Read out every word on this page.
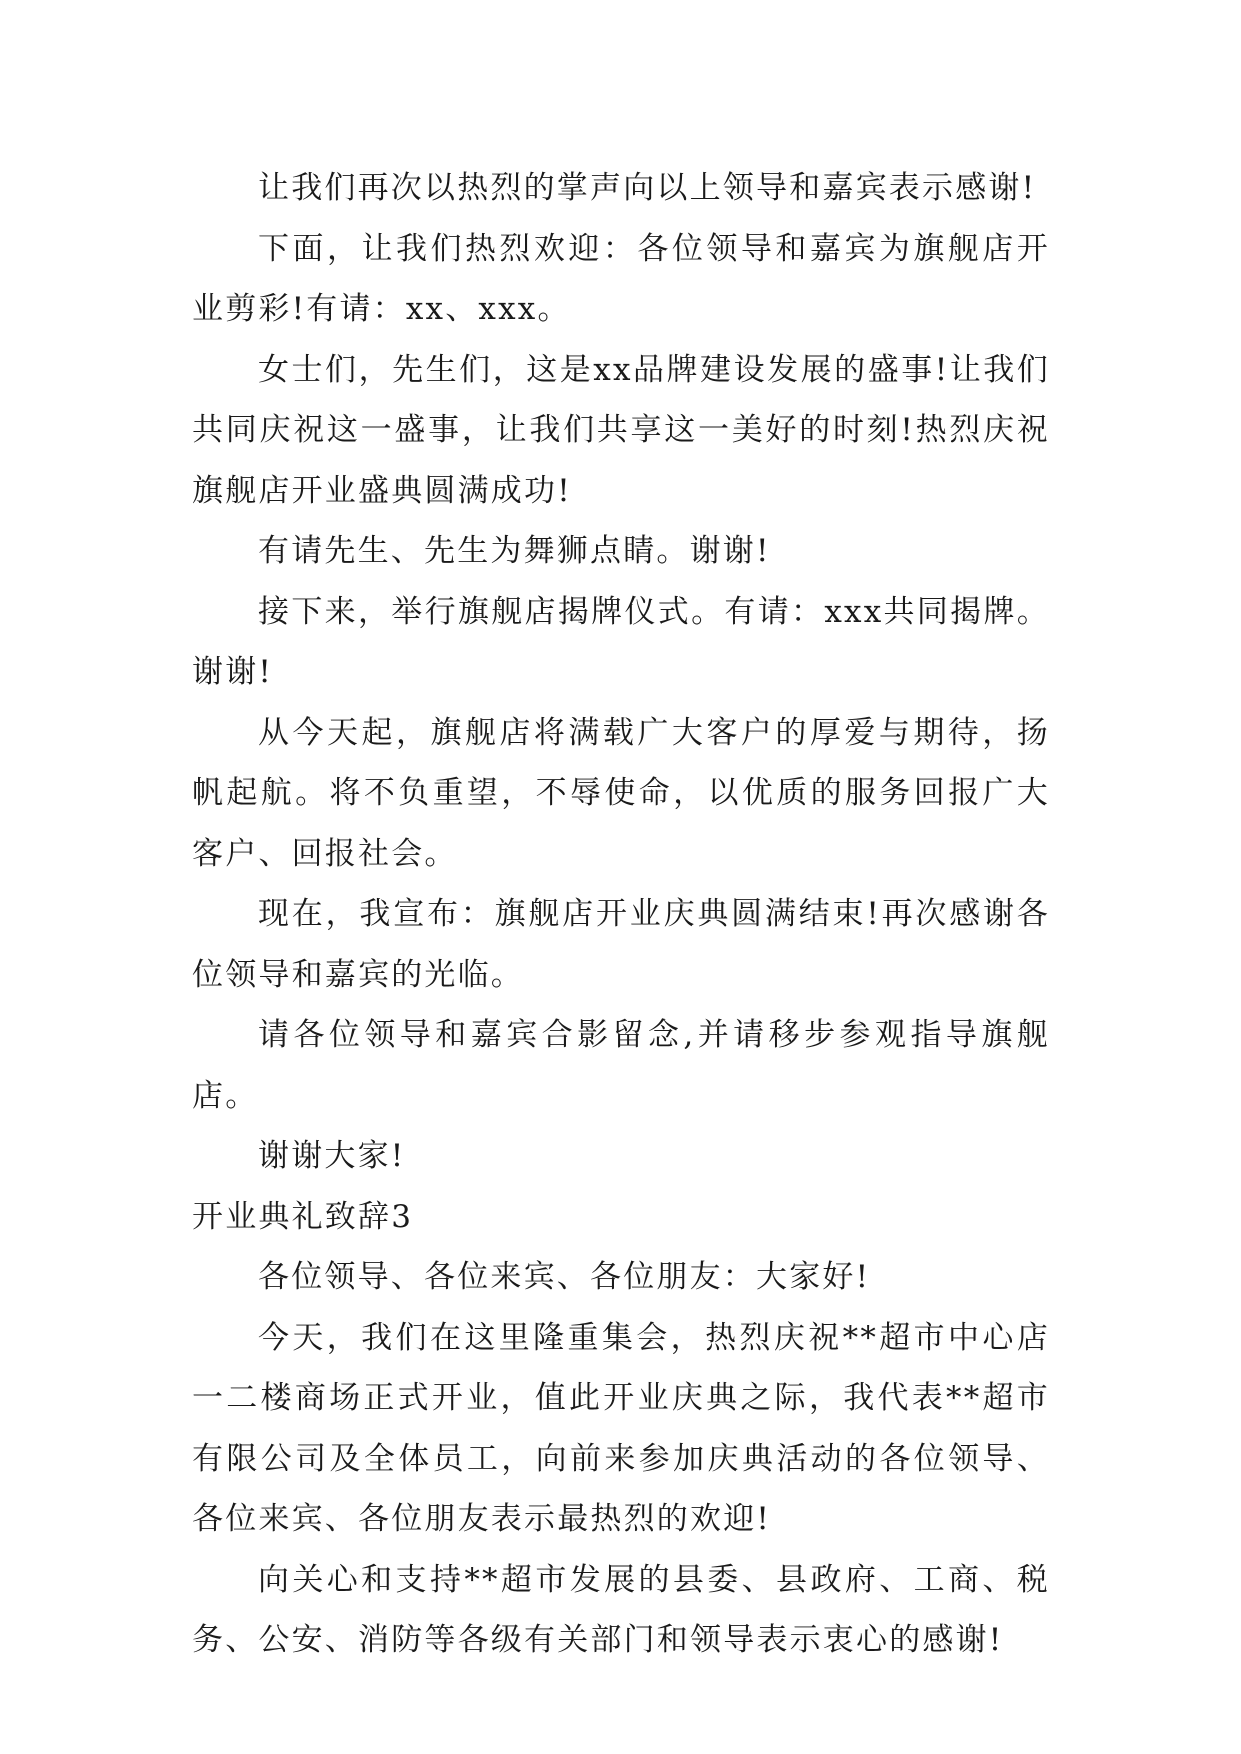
让我们再次以热烈的掌声向以上领导和嘉宾表示感谢!

下面，让我们热烈欢迎：各位领导和嘉宾为旗舰店开业剪彩!有请：xx、xxx。

女士们，先生们，这是xx品牌建设发展的盛事!让我们共同庆祝这一盛事，让我们共享这一美好的时刻!热烈庆祝旗舰店开业盛典圆满成功!

有请先生、先生为舞狮点睛。谢谢!

接下来，举行旗舰店揭牌仪式。有请：xxx共同揭牌。谢谢!

从今天起，旗舰店将满载广大客户的厚爱与期待，扬帆起航。将不负重望，不辱使命，以优质的服务回报广大客户、回报社会。

现在，我宣布：旗舰店开业庆典圆满结束!再次感谢各位领导和嘉宾的光临。

请各位领导和嘉宾合影留念,并请移步参观指导旗舰店。

谢谢大家!

开业典礼致辞3

各位领导、各位来宾、各位朋友：大家好!

今天，我们在这里隆重集会，热烈庆祝**超市中心店一二楼商场正式开业，值此开业庆典之际，我代表**超市有限公司及全体员工，向前来参加庆典活动的各位领导、各位来宾、各位朋友表示最热烈的欢迎!

向关心和支持**超市发展的县委、县政府、工商、税务、公安、消防等各级有关部门和领导表示衷心的感谢!
